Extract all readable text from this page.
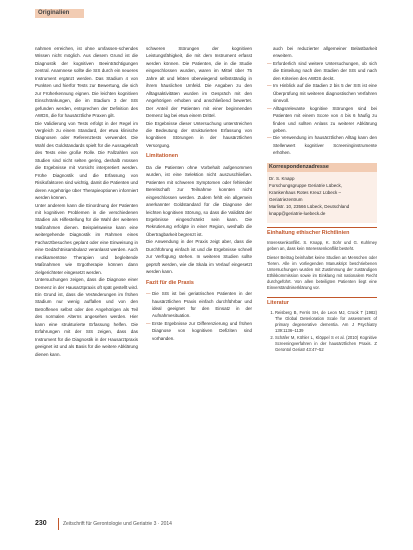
Originalien

nahmen erreichen, ist ohne umfassen-schendes Wissen nicht möglich. Aus diesem Grund ist die Diagnostik der kognitiven Beeinträchtigungen zentral. Anamnese sollte die SIS durch ein neueres Instrument ergänzt werden. Das Stadium 4 von Punkten und hierfür Tests zur Bewertung, die sich zur Früherkennung eignen. Die leichten kognitiven Einschränkungen, die im Stadium 3 der SIS gefunden werden, entsprechen der Definition des AWDS, die für hausärztliche Praxen gilt.

Die Validierung von Tests erfolgt in der Regel im Vergleich zu einem Standard, der etwa klinische Diagnosen oder Referenztests verwendet. Die Wahl des Goldstandards spielt für die Aussagekraft des Tests eine große Rolle. Die Fallzahlen von Studien sind nicht selten gering, deshalb müssen die Ergebnisse mit Vorsicht interpretiert werden. Frühe Diagnostik und die Erfassung von Risikofaktoren sind wichtig, damit die Patienten und deren Angehörige über Therapieoptionen informiert werden können.

Unter anderem kann die Einordnung der Patienten mit kognitiven Problemen in die verschiedenen Stadien als Hilfestellung für die Wahl der weiteren Maßnahmen dienen. Beispielsweise kann eine weitergehende Diagnostik im Rahmen eines Facharztbesuches geplant oder eine Einweisung in eine Gedächtnisambulanz veranlasst werden. Auch medikamentöse Therapien und begleitende Maßnahmen wie Ergotherapie können dann zielgerichteter eingesetzt werden.

Untersuchungen zeigen, dass die Diagnose einer Demenz in der Hausarztpraxis oft spät gestellt wird. Ein Grund ist, dass die Veränderungen im frühen Stadium nur wenig auffallen und von den Betroffenen selbst oder den Angehörigen als Teil des normalen Alterns angesehen werden. Hier kann eine strukturierte Erfassung helfen. Die Erfahrungen mit der SIS zeigen, dass das Instrument für die Diagnostik in der Hausarztpraxis geeignet ist und als Basis für die weitere Abklärung dienen kann.

schweren Störungen der kognitiven Leistungsfähigkeit, die mit dem Instrument erfasst werden können. Die Patienten, die in die Studie eingeschlossen wurden, waren im Mittel über 75 Jahre alt und lebten überwiegend selbstständig in ihrem häuslichen Umfeld. Die Angaben zu den Alltagsaktivitäten wurden im Gespräch mit den Angehörigen erhoben und anschließend bewertet. Der Anteil der Patienten mit einer beginnenden Demenz lag bei etwa einem Drittel.

Die Ergebnisse dieser Untersuchung unterstreichen die Bedeutung der strukturierten Erfassung von kognitiven Störungen in der hausärztlichen Versorgung.

Limitationen

Da die Patienten ohne Vorbehalt aufgenommen wurden, ist eine Selektion nicht auszuschließen. Patienten mit schweren Symptomen oder fehlender Bereitschaft zur Teilnahme konnten nicht eingeschlossen werden. Zudem fehlt ein allgemein anerkannter Goldstandard für die Diagnose der leichten kognitiven Störung, so dass die Validität der Ergebnisse eingeschränkt sein kann. Die Rekrutierung erfolgte in einer Region, weshalb die Übertragbarkeit begrenzt ist.

Die Anwendung in der Praxis zeigt aber, dass die Durchführung einfach ist und die Ergebnisse schnell zur Verfügung stehen. In weiteren Studien sollte geprüft werden, wie die Skala im Verlauf eingesetzt werden kann.

Fazit für die Praxis
— Die SIS ist bei geriatrischen Patienten in der hausärztlichen Praxis einfach durchführbar und ideal geeignet für den Einsatz in der Aufnahmesituation.
— Erste Ergebnisse zur Differenzierung und frühen Diagnose von kognitiven Defiziten sind vorhanden.

auch bei reduzierter allgemeiner Belastbarkeit erweitern.

— Erforderlich sind weitere Untersuchungen, ob sich die Einteilung nach den Stadien der SIS und nach den Kriterien des AWDS deckt.
— Im Hinblick auf die Stadien 2 bis 5 der SIS ist eine Überprüfung mit weiteren diagnostischen Verfahren sinnvoll.
— Alltagsrelevante kognitive Störungen sind bei Patienten mit einem Score von 4 bis 6 häufig zu finden und sollten Anlass zu weiterer Abklärung geben.
— Die Verwendung im hausärztlichen Alltag kann den Stellenwert kognitiver Screeninginstrumente erhöhen.
Korrespondenzadresse
Dr. S. Knapp
Forschungsgruppe Geriatrie Lübeck,
Krankenhaus Rotes Kreuz Lübeck –
Geriatriezentrum
Marlistr. 10, 23566 Lübeck, Deutschland
knapp@geriatrie-luebeck.de
Einhaltung ethischer Richtlinien

Interessenkonflikt. S. Knapp, K. Sohr und G. Kuhlmey geben an, dass kein Interessenkonflikt besteht.

Dieser Beitrag beinhaltet keine Studien an Menschen oder Tieren. Alle im vorliegenden Manuskript beschriebenen Untersuchungen wurden mit Zustimmung der zuständigen Ethikkommission sowie im Einklang mit nationalem Recht durchgeführt. Von allen beteiligten Patienten liegt eine Einverständniserklärung vor.

Literatur
1. Reisberg B, Ferris SH, de Leon MJ, Crook T (1982) The Global Deterioration Scale for assessment of primary degenerative dementia. Am J Psychiatry 139:1136–1139
2. Schäfer M, Köhler L, Klöppel S et al. (2010) Kognitive Screeningverfahren in der hausärztlichen Praxis. Z Gerontol Geriatr 43:47–52
230	Zeitschrift für Gerontologie und Geriatrie 3 · 2014
